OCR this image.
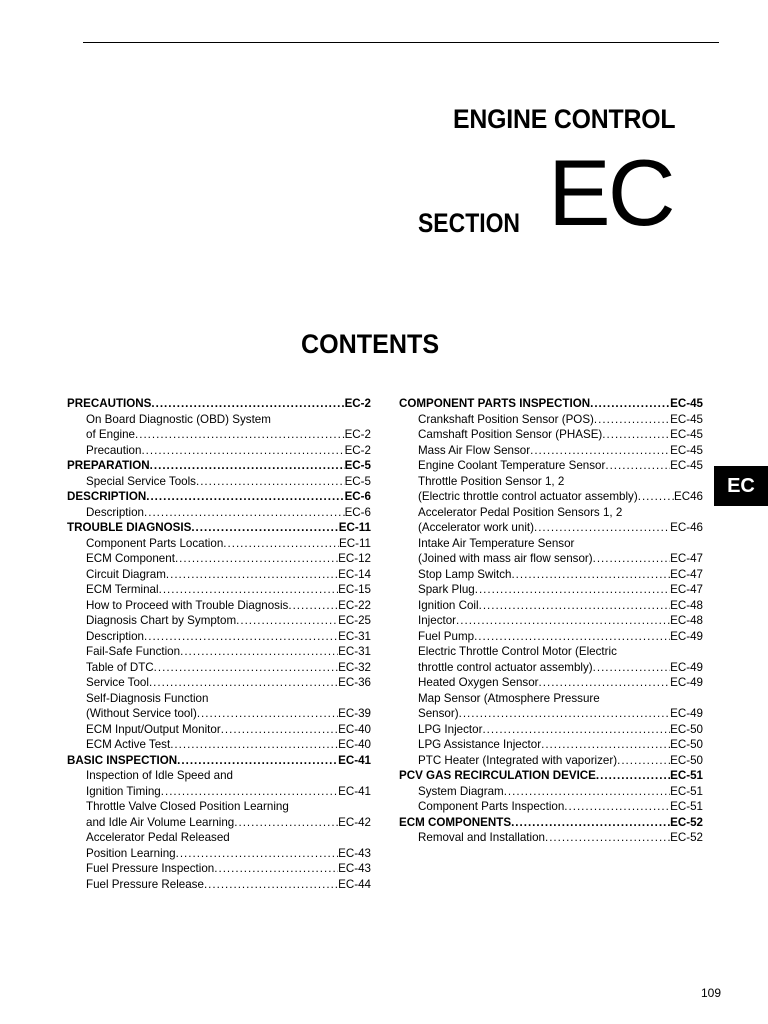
ENGINE CONTROL
SECTION EC
CONTENTS
EC
PRECAUTIONS .....	EC-2
On Board Diagnostic (OBD) System
of Engine .....	EC-2
Precaution .....	EC-2
PREPARATION .....	EC-5
Special Service Tools .....	EC-5
DESCRIPTION .....	EC-6
Description .....	EC-6
TROUBLE DIAGNOSIS .....	EC-11
Component Parts Location .....	EC-11
ECM Component .....	EC-12
Circuit Diagram .....	EC-14
ECM Terminal .....	EC-15
How to Proceed with Trouble Diagnosis .....	EC-22
Diagnosis Chart by Symptom .....	EC-25
Description .....	EC-31
Fail-Safe Function .....	EC-31
Table of DTC .....	EC-32
Service Tool .....	EC-36
Self-Diagnosis Function
(Without Service tool) .....	EC-39
ECM Input/Output Monitor .....	EC-40
ECM Active Test .....	EC-40
BASIC INSPECTION .....	EC-41
Inspection of Idle Speed and
Ignition Timing .....	EC-41
Throttle Valve Closed Position Learning
and Idle Air Volume Learning .....	EC-42
Accelerator Pedal Released
Position Learning .....	EC-43
Fuel Pressure Inspection .....	EC-43
Fuel Pressure Release .....	EC-44
COMPONENT PARTS INSPECTION .....	EC-45
Crankshaft Position Sensor (POS) .....	EC-45
Camshaft Position Sensor (PHASE) .....	EC-45
Mass Air Flow Sensor .....	EC-45
Engine Coolant Temperature Sensor .....	EC-45
Throttle Position Sensor 1, 2
(Electric throttle control actuator assembly) .....	EC46
Accelerator Pedal Position Sensors 1, 2
(Accelerator work unit) .....	EC-46
Intake Air Temperature Sensor
(Joined with mass air flow sensor) .....	EC-47
Stop Lamp Switch .....	EC-47
Spark Plug .....	EC-47
Ignition Coil .....	EC-48
Injector .....	EC-48
Fuel Pump .....	EC-49
Electric Throttle Control Motor (Electric
throttle control actuator assembly) .....	EC-49
Heated Oxygen Sensor .....	EC-49
Map Sensor (Atmosphere Pressure
Sensor) .....	EC-49
LPG Injector .....	EC-50
LPG Assistance Injector .....	EC-50
PTC Heater (Integrated with vaporizer) .....	EC-50
PCV GAS RECIRCULATION DEVICE .....	EC-51
System Diagram .....	EC-51
Component Parts Inspection .....	EC-51
ECM COMPONENTS .....	EC-52
Removal and Installation .....	EC-52
109
